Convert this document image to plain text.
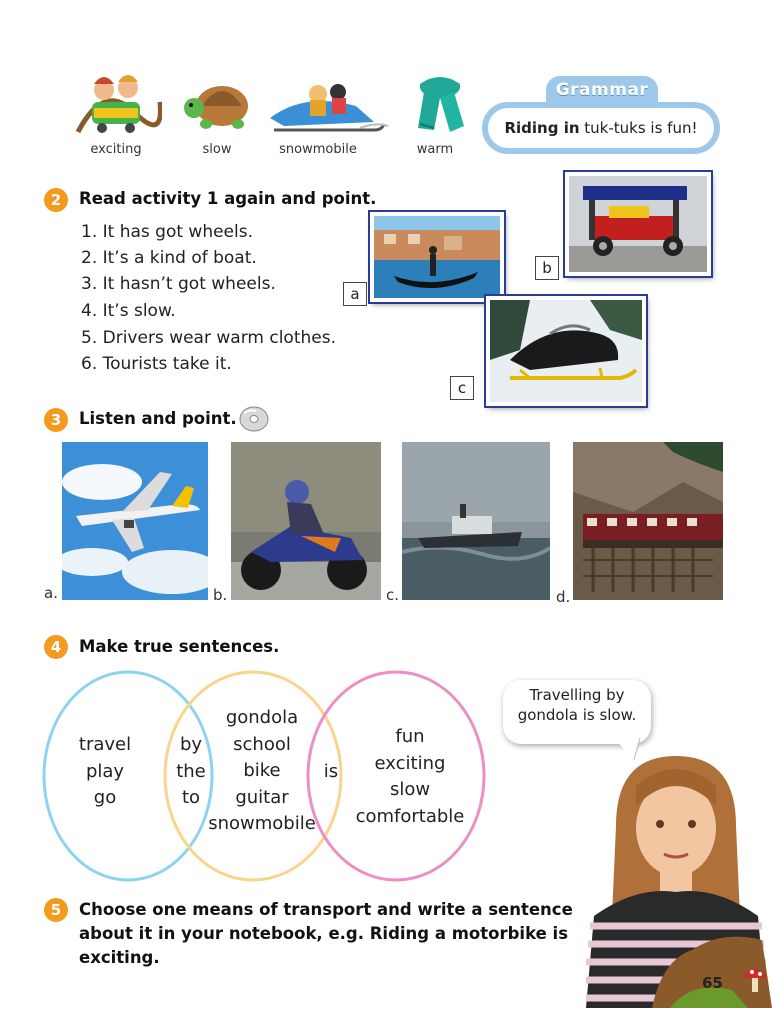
exciting	slow	snowmobile	warm
Grammar
Riding in tuk-tuks is fun!
2	Read activity 1 again and point.
1. It has got wheels.
2. It’s a kind of boat.
3. It hasn’t got wheels.
4. It’s slow.
5. Drivers wear warm clothes.
6. Tourists take it.
a
b
c
3	Listen and point.
a.	b.	c.	d.
4	Make true sentences.
travel
play
go
by
the
to
gondola
school
bike
guitar
snowmobile
is
fun
exciting
slow
comfortable
Travelling by gondola is slow.
65
5	Choose one means of transport and write a sentence
about it in your notebook, e.g. Riding a motorbike is
exciting.
